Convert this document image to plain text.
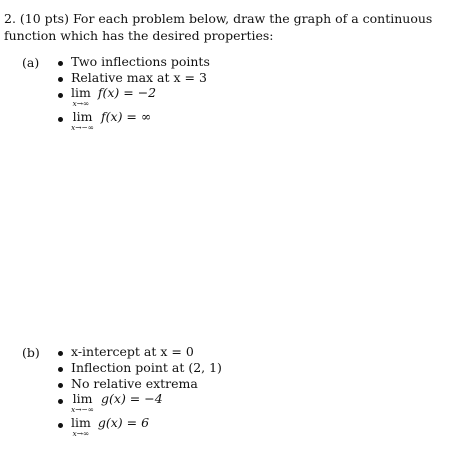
2. (10 pts) For each problem below, draw the graph of a continuous function which has the desired properties:
(a)	Two inflections points
Relative max at x = 3
lim
x→∞
f(x) = −2
lim
x→−∞
f(x) = ∞
(b)	x-intercept at x = 0
Inflection point at (2, 1)
No relative extrema
lim
x→−∞
g(x) = −4
lim
x→∞
g(x) = 6
